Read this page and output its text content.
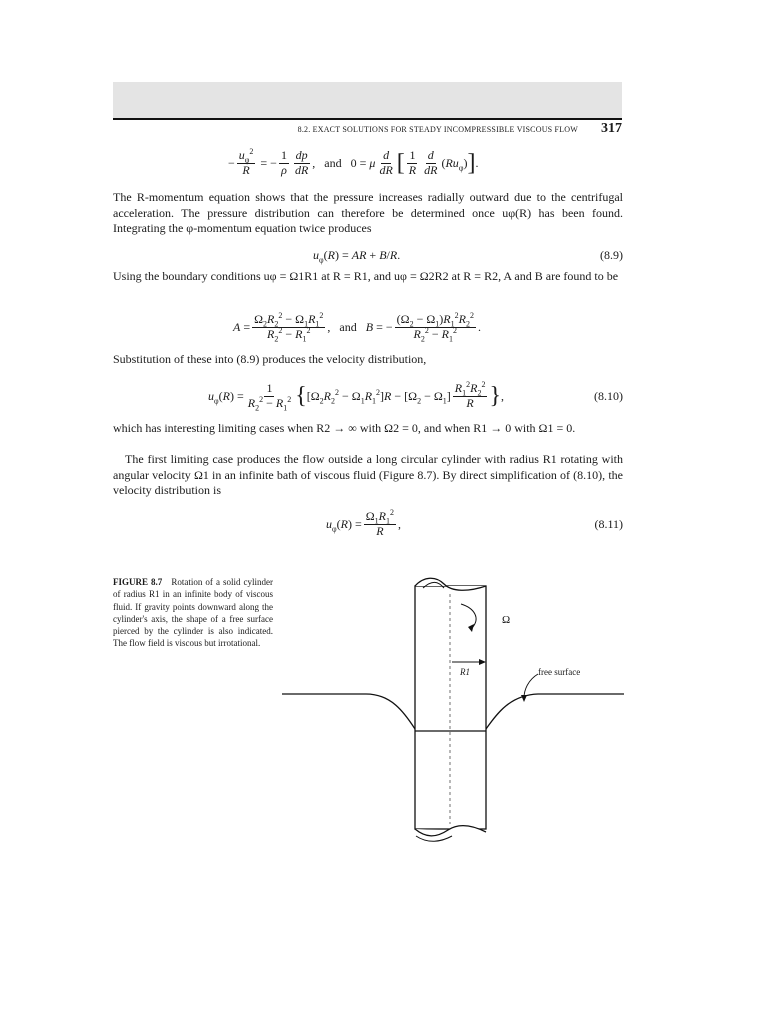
8.2. EXACT SOLUTIONS FOR STEADY INCOMPRESSIBLE VISCOUS FLOW	317
− $\frac{u_\varphi^2}{R}$ = − $\frac{1}{\rho} \frac{dp}{dR}$ , and 0 = μ $\frac{d}{dR}$ [ $\frac{1}{R} \frac{d}{dR} (Ru_\varphi)$ ] .

The R-momentum equation shows that the pressure increases radially outward due to the centrifugal acceleration. The pressure distribution can therefore be determined once uφ(R) has been found. Integrating the φ-momentum equation twice produces

$u_\varphi(R)$ = AR + B/R.	(8.9)

Using the boundary conditions uφ = Ω1R1 at R = R1, and uφ = Ω2R2 at R = R2, A and B are found to be

$A = \frac{\Omega_2R_2^2 - \Omega_1R_1^2}{R_2^2 - R_1^2}$ , and B = − $\frac{(\Omega_2 - \Omega_1)R_1^2R_2^2}{R_2^2 - R_1^2}$ .

Substitution of these into (8.9) produces the velocity distribution,

$u_\varphi(R) = \frac{1}{R_2^2 - R_1^2}$ { $[\Omega_2R_2^2 - \Omega_1R_1^2]R - [\Omega_2 - \Omega_1] \frac{R_1^2R_2^2}{R}$ } ,	(8.10)

which has interesting limiting cases when R2 → ∞ with Ω2 = 0, and when R1 → 0 with Ω1 = 0.

The first limiting case produces the flow outside a long circular cylinder with radius R1 rotating with angular velocity Ω1 in an infinite bath of viscous fluid (Figure 8.7). By direct simplification of (8.10), the velocity distribution is

$u_\varphi(R) = \frac{\Omega_1R_1^2}{R}$ ,	(8.11)

FIGURE 8.7 Rotation of a solid cylinder of radius R1 in an infinite body of viscous fluid. If gravity points downward along the cylinder's axis, the shape of a free surface pierced by the cylinder is also indicated. The flow field is viscous but irrotational.

Ω
R1	free surface
